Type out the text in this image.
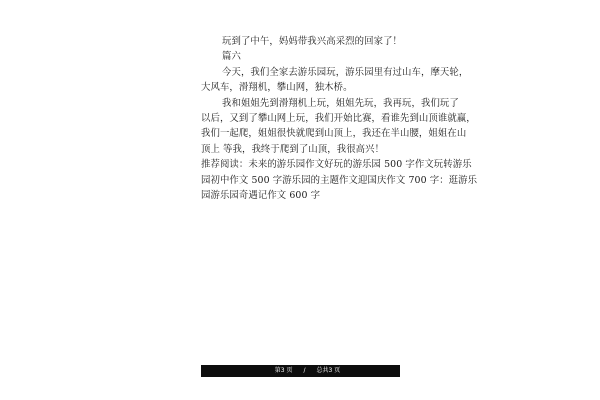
玩到了中午，妈妈带我兴高采烈的回家了！
篇六
今天，我们全家去游乐园玩，游乐园里有过山车，摩天轮，
大风车，滑翔机，攀山网，独木桥。
我和姐姐先到滑翔机上玩，姐姐先玩，我再玩，我们玩了
以后，又到了攀山网上玩，我们开始比赛，看谁先到山顶谁就赢，
我们一起爬，姐姐很快就爬到山顶上，我还在半山腰，姐姐在山
顶上 等我，我终于爬到了山顶，我很高兴！
推荐阅读：未来的游乐园作文好玩的游乐园 500 字作文玩转游乐
园初中作文 500 字游乐园的主题作文迎国庆作文 700 字：逛游乐
园游乐园奇遇记作文 600 字
第3 页 / 总共3 页
